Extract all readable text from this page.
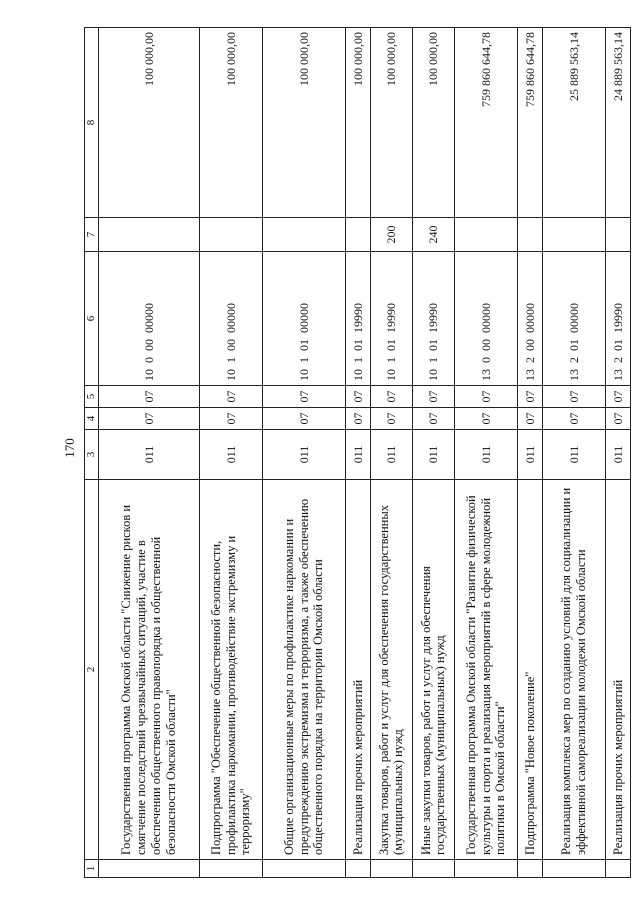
170
1	2	3	4	5	6	7	8
	Государственная программа Омской области "Снижение рисков и смягчение последствий чрезвычайных ситуаций, участие в обеспечении общественного правопорядка и общественной безопасности Омской области"	011	07	07	10  0  00  00000		100 000,00
	Подпрограмма "Обеспечение общественной безопасности, профилактика наркомании, противодействие экстремизму и терроризму"	011	07	07	10  1  00  00000		100 000,00
	Общие организационные меры по профилактике наркомании и предупреждению экстремизма и терроризма, а также обеспечению общественного порядка на территории Омской области	011	07	07	10  1  01  00000		100 000,00
	Реализация прочих мероприятий	011	07	07	10  1  01  19990		100 000,00
	Закупка товаров, работ и услуг для обеспечения государственных (муниципальных) нужд	011	07	07	10  1  01  19990	200	100 000,00
	Иные закупки товаров, работ и услуг для обеспечения государственных (муниципальных) нужд	011	07	07	10  1  01  19990	240	100 000,00
	Государственная программа Омской области "Развитие физической культуры и спорта и реализация мероприятий в сфере молодежной политики в Омской области"	011	07	07	13  0  00  00000		759 860 644,78
	Подпрограмма "Новое поколение"	011	07	07	13  2  00  00000		759 860 644,78
	Реализация комплекса мер по созданию условий для социализации и эффективной самореализации молодежи Омской области	011	07	07	13  2  01  00000		25 889 563,14
	Реализация прочих мероприятий	011	07	07	13  2  01  19990		24 889 563,14
